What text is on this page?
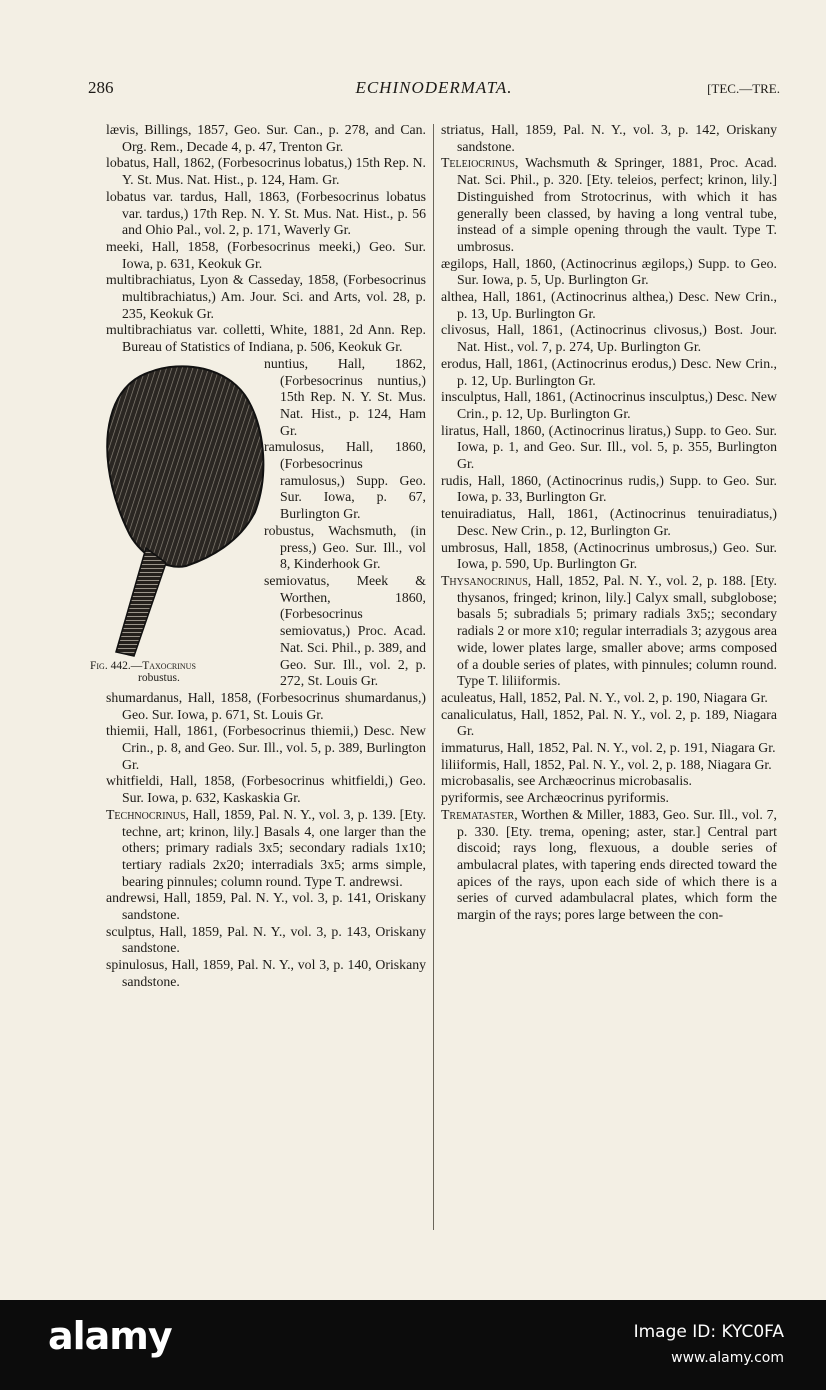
286	ECHINODERMATA.	[TEC.—TRE.

lævis, Billings, 1857, Geo. Sur. Can., p. 278, and Can. Org. Rem., Decade 4, p. 47, Trenton Gr.

lobatus, Hall, 1862, (Forbesocrinus lobatus,) 15th Rep. N. Y. St. Mus. Nat. Hist., p. 124, Ham. Gr.

lobatus var. tardus, Hall, 1863, (Forbesocrinus lobatus var. tardus,) 17th Rep. N. Y. St. Mus. Nat. Hist., p. 56 and Ohio Pal., vol. 2, p. 171, Waverly Gr.

meeki, Hall, 1858, (Forbesocrinus meeki,) Geo. Sur. Iowa, p. 631, Keokuk Gr.

multibrachiatus, Lyon & Casseday, 1858, (Forbesocrinus multibrachiatus,) Am. Jour. Sci. and Arts, vol. 28, p. 235, Keokuk Gr.

multibrachiatus var. colletti, White, 1881, 2d Ann. Rep. Bureau of Statistics of Indiana, p. 506, Keokuk Gr.

Fig. 442.—Taxocrinus
robustus.

nuntius, Hall, 1862, (Forbesocrinus nuntius,) 15th Rep. N. Y. St. Mus. Nat. Hist., p. 124, Ham Gr.

ramulosus, Hall, 1860, (Forbesocrinus ramulosus,) Supp. Geo. Sur. Iowa, p. 67, Burlington Gr.

robustus, Wachsmuth, (in press,) Geo. Sur. Ill., vol 8, Kinderhook Gr.

semiovatus, Meek & Worthen, 1860, (Forbesocrinus semiovatus,) Proc. Acad. Nat. Sci. Phil., p. 389, and Geo. Sur. Ill., vol. 2, p. 272, St. Louis Gr.

shumardanus, Hall, 1858, (Forbesocrinus shumardanus,) Geo. Sur. Iowa, p. 671, St. Louis Gr.

thiemii, Hall, 1861, (Forbesocrinus thiemii,) Desc. New Crin., p. 8, and Geo. Sur. Ill., vol. 5, p. 389, Burlington Gr.

whitfieldi, Hall, 1858, (Forbesocrinus whitfieldi,) Geo. Sur. Iowa, p. 632, Kaskaskia Gr.

Technocrinus, Hall, 1859, Pal. N. Y., vol. 3, p. 139. [Ety. techne, art; krinon, lily.] Basals 4, one larger than the others; primary radials 3x5; secondary radials 1x10; tertiary radials 2x20; interradials 3x5; arms simple, bearing pinnules; column round. Type T. andrewsi.

andrewsi, Hall, 1859, Pal. N. Y., vol. 3, p. 141, Oriskany sandstone.

sculptus, Hall, 1859, Pal. N. Y., vol. 3, p. 143, Oriskany sandstone.

spinulosus, Hall, 1859, Pal. N. Y., vol 3, p. 140, Oriskany sandstone.

striatus, Hall, 1859, Pal. N. Y., vol. 3, p. 142, Oriskany sandstone.

Teleiocrinus, Wachsmuth & Springer, 1881, Proc. Acad. Nat. Sci. Phil., p. 320. [Ety. teleios, perfect; krinon, lily.] Distinguished from Strotocrinus, with which it has generally been classed, by having a long ventral tube, instead of a simple opening through the vault. Type T. umbrosus.

ægilops, Hall, 1860, (Actinocrinus ægilops,) Supp. to Geo. Sur. Iowa, p. 5, Up. Burlington Gr.

althea, Hall, 1861, (Actinocrinus althea,) Desc. New Crin., p. 13, Up. Burlington Gr.

clivosus, Hall, 1861, (Actinocrinus clivosus,) Bost. Jour. Nat. Hist., vol. 7, p. 274, Up. Burlington Gr.

erodus, Hall, 1861, (Actinocrinus erodus,) Desc. New Crin., p. 12, Up. Burlington Gr.

insculptus, Hall, 1861, (Actinocrinus insculptus,) Desc. New Crin., p. 12, Up. Burlington Gr.

liratus, Hall, 1860, (Actinocrinus liratus,) Supp. to Geo. Sur. Iowa, p. 1, and Geo. Sur. Ill., vol. 5, p. 355, Burlington Gr.

rudis, Hall, 1860, (Actinocrinus rudis,) Supp. to Geo. Sur. Iowa, p. 33, Burlington Gr.

tenuiradiatus, Hall, 1861, (Actinocrinus tenuiradiatus,) Desc. New Crin., p. 12, Burlington Gr.

umbrosus, Hall, 1858, (Actinocrinus umbrosus,) Geo. Sur. Iowa, p. 590, Up. Burlington Gr.

Thysanocrinus, Hall, 1852, Pal. N. Y., vol. 2, p. 188. [Ety. thysanos, fringed; krinon, lily.] Calyx small, subglobose; basals 5; subradials 5; primary radials 3x5;; secondary radials 2 or more x10; regular interradials 3; azygous area wide, lower plates large, smaller above; arms composed of a double series of plates, with pinnules; column round. Type T. liliiformis.

aculeatus, Hall, 1852, Pal. N. Y., vol. 2, p. 190, Niagara Gr.

canaliculatus, Hall, 1852, Pal. N. Y., vol. 2, p. 189, Niagara Gr.

immaturus, Hall, 1852, Pal. N. Y., vol. 2, p. 191, Niagara Gr.

liliiformis, Hall, 1852, Pal. N. Y., vol. 2, p. 188, Niagara Gr.

microbasalis, see Archæocrinus microbasalis.

pyriformis, see Archæocrinus pyriformis.

Tremataster, Worthen & Miller, 1883, Geo. Sur. Ill., vol. 7, p. 330. [Ety. trema, opening; aster, star.] Central part discoid; rays long, flexuous, a double series of ambulacral plates, with tapering ends directed toward the apices of the rays, upon each side of which there is a series of curved adambulacral plates, which form the margin of the rays; pores large between the con-

alamy	Image ID: KYC0FA
www.alamy.com
